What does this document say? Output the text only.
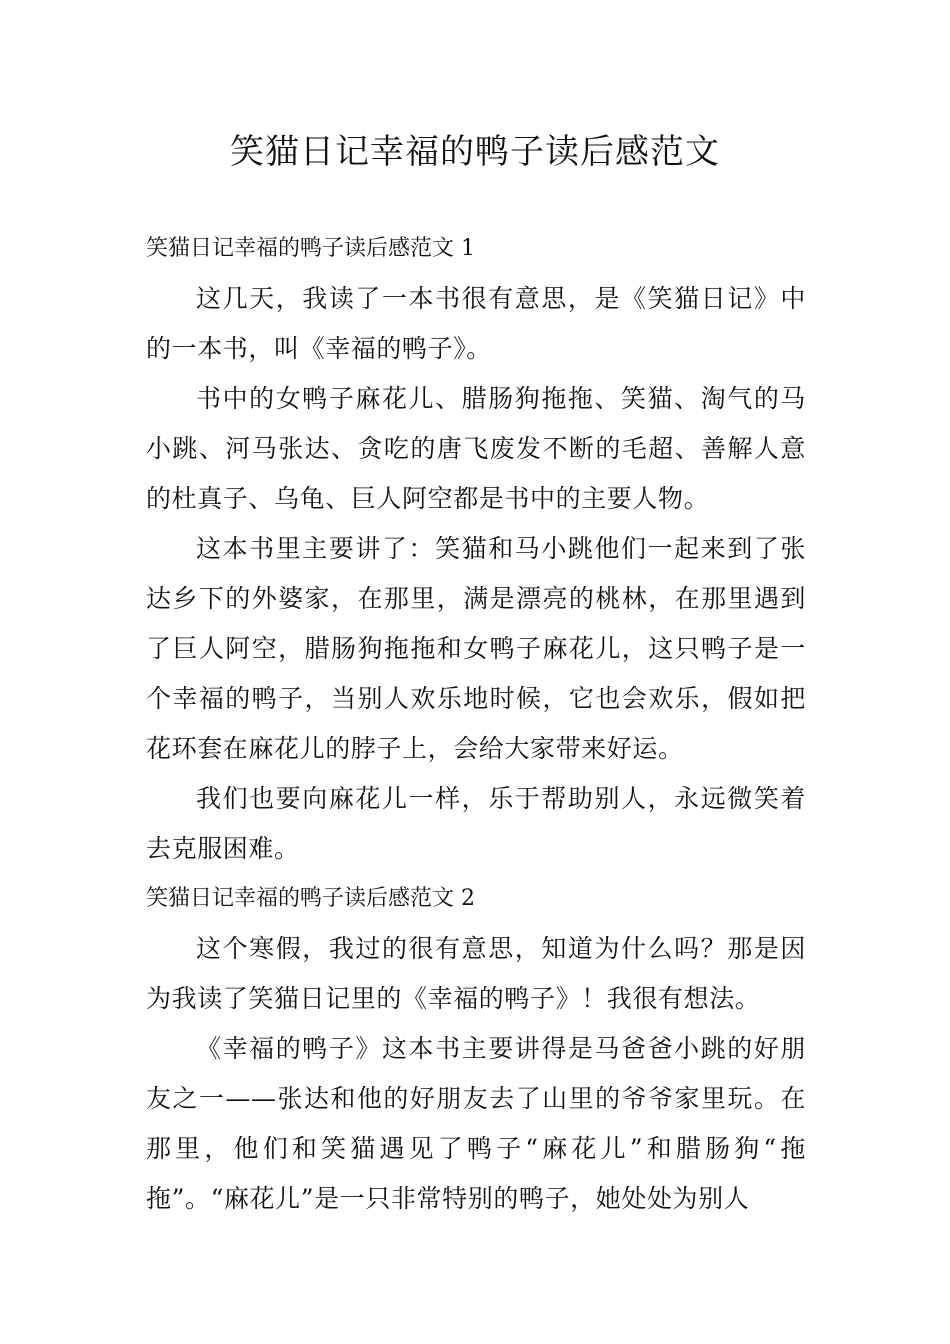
笑猫日记幸福的鸭子读后感范文
笑猫日记幸福的鸭子读后感范文 1

这几天，我读了一本书很有意思，是《笑猫日记》中的一本书，叫《幸福的鸭子》。

书中的女鸭子麻花儿、腊肠狗拖拖、笑猫、淘气的马小跳、河马张达、贪吃的唐飞废发不断的毛超、善解人意的杜真子、乌龟、巨人阿空都是书中的主要人物。

这本书里主要讲了：笑猫和马小跳他们一起来到了张达乡下的外婆家，在那里，满是漂亮的桃林，在那里遇到了巨人阿空，腊肠狗拖拖和女鸭子麻花儿，这只鸭子是一个幸福的鸭子，当别人欢乐地时候，它也会欢乐，假如把花环套在麻花儿的脖子上，会给大家带来好运。

我们也要向麻花儿一样，乐于帮助别人，永远微笑着去克服困难。

笑猫日记幸福的鸭子读后感范文 2

这个寒假，我过的很有意思，知道为什么吗？那是因为我读了笑猫日记里的《幸福的鸭子》！我很有想法。

《幸福的鸭子》这本书主要讲得是马爸爸小跳的好朋友之一——张达和他的好朋友去了山里的爷爷家里玩。在那里，他们和笑猫遇见了鸭子“麻花儿”和腊肠狗“拖拖”。“麻花儿”是一只非常特别的鸭子，她处处为别人
